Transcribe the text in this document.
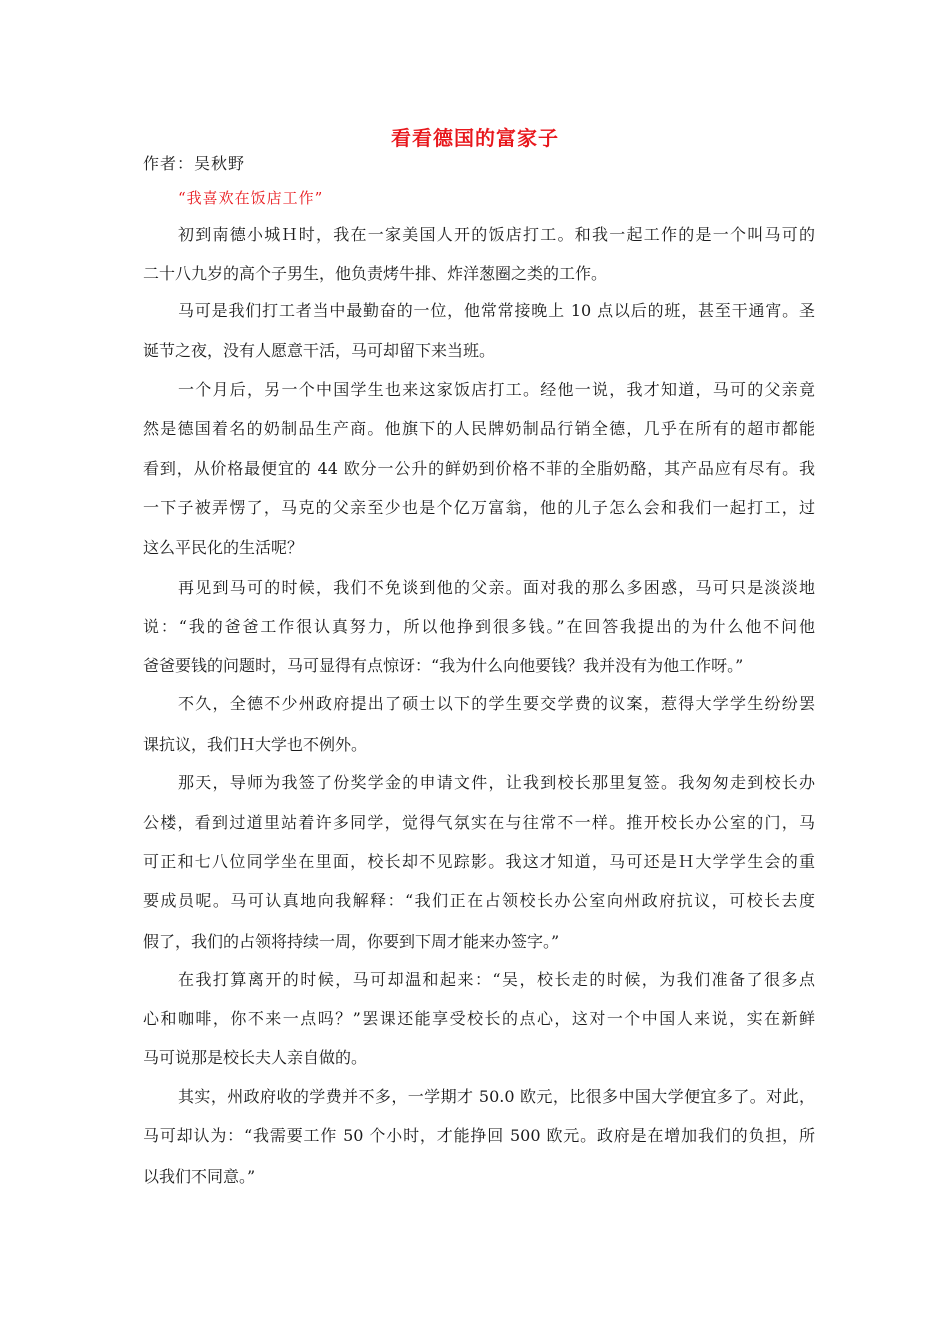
看看德国的富家子
作者：吴秋野
“我喜欢在饭店工作”
初到南德小城Ｈ时，我在一家美国人开的饭店打工。和我一起工作的是一个叫马可的
二十八九岁的高个子男生，他负责烤牛排、炸洋葱圈之类的工作。
马可是我们打工者当中最勤奋的一位，他常常接晚上 10 点以后的班，甚至干通宵。圣
诞节之夜，没有人愿意干活，马可却留下来当班。
一个月后，另一个中国学生也来这家饭店打工。经他一说，我才知道，马可的父亲竟
然是德国着名的奶制品生产商。他旗下的人民牌奶制品行销全德，几乎在所有的超市都能
看到，从价格最便宜的 44 欧分一公升的鲜奶到价格不菲的全脂奶酪，其产品应有尽有。我
一下子被弄愣了，马克的父亲至少也是个亿万富翁，他的儿子怎么会和我们一起打工，过
这么平民化的生活呢？
再见到马可的时候，我们不免谈到他的父亲。面对我的那么多困惑，马可只是淡淡地
说：“我的爸爸工作很认真努力，所以他挣到很多钱。”在回答我提出的为什么他不问他
爸爸要钱的问题时，马可显得有点惊讶：“我为什么向他要钱？我并没有为他工作呀。”
不久，全德不少州政府提出了硕士以下的学生要交学费的议案，惹得大学学生纷纷罢
课抗议，我们Ｈ大学也不例外。
那天，导师为我签了份奖学金的申请文件，让我到校长那里复签。我匆匆走到校长办
公楼，看到过道里站着许多同学，觉得气氛实在与往常不一样。推开校长办公室的门，马
可正和七八位同学坐在里面，校长却不见踪影。我这才知道，马可还是Ｈ大学学生会的重
要成员呢。马可认真地向我解释：“我们正在占领校长办公室向州政府抗议，可校长去度
假了，我们的占领将持续一周，你要到下周才能来办签字。”
在我打算离开的时候，马可却温和起来：“吴，校长走的时候，为我们准备了很多点
心和咖啡，你不来一点吗？”罢课还能享受校长的点心，这对一个中国人来说，实在新鲜
马可说那是校长夫人亲自做的。
其实，州政府收的学费并不多，一学期才 50.0 欧元，比很多中国大学便宜多了。对此，
马可却认为：“我需要工作 50 个小时，才能挣回 500 欧元。政府是在增加我们的负担，所
以我们不同意。”
